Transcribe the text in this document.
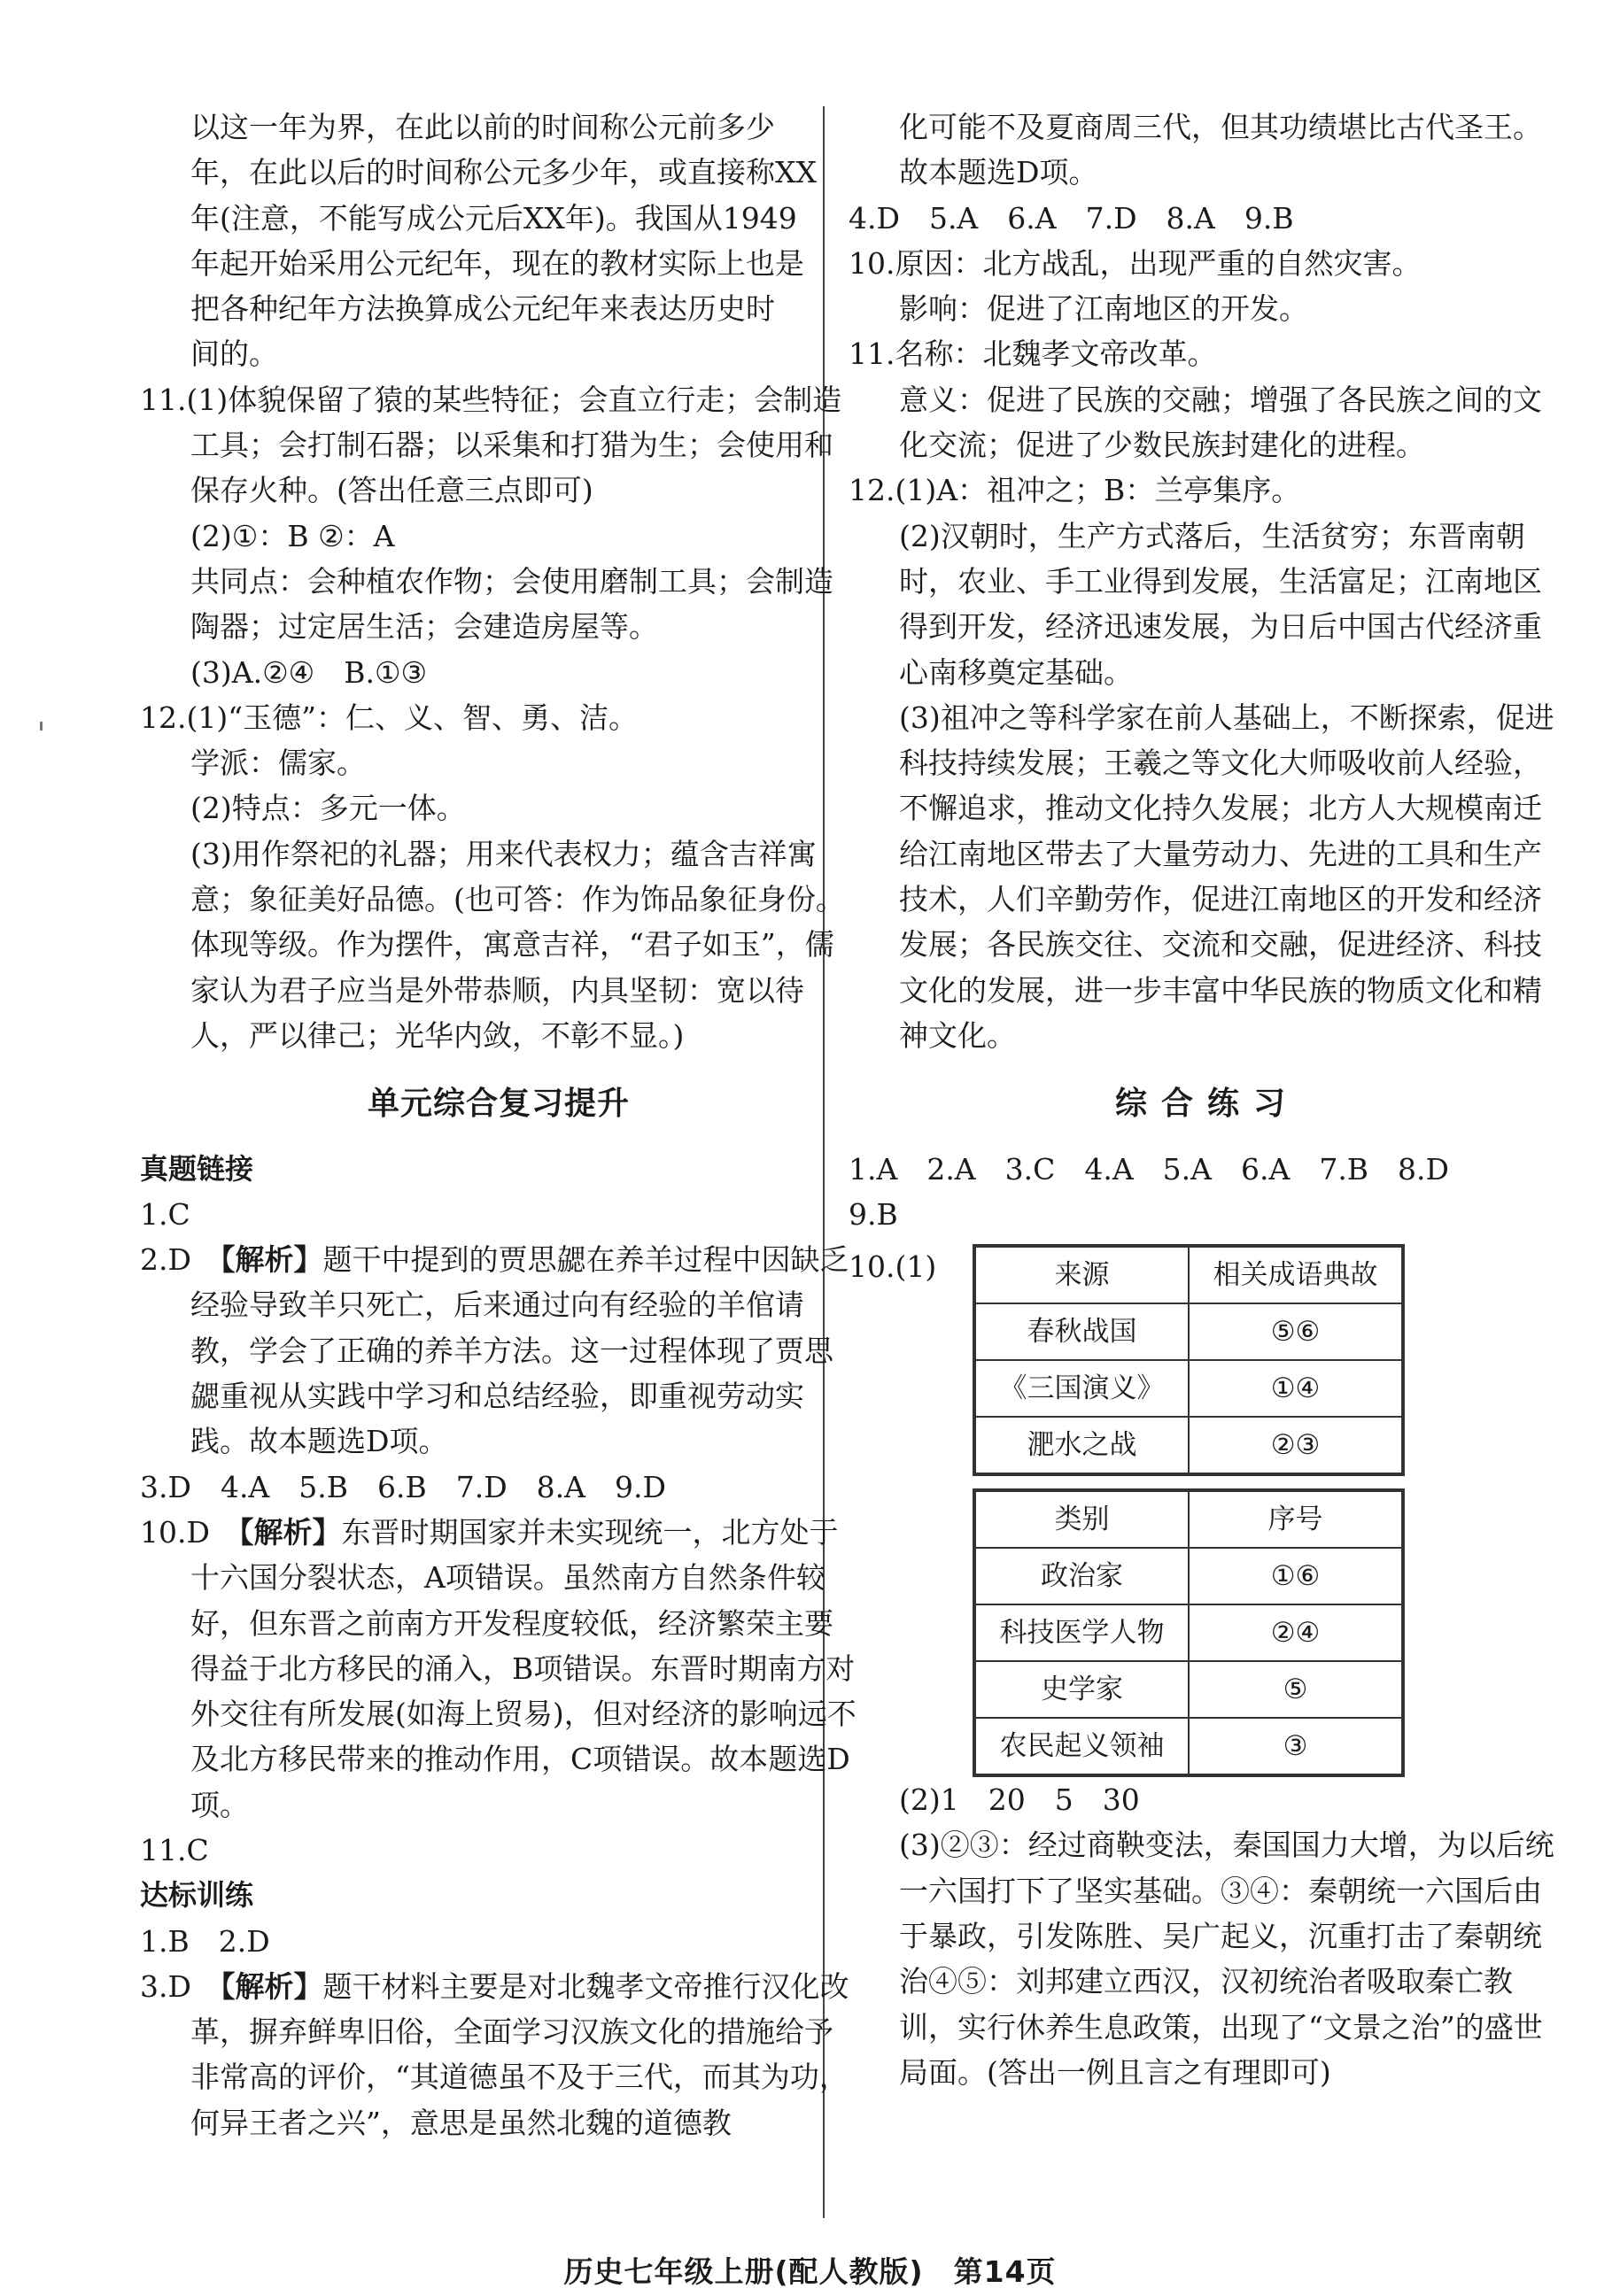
以这一年为界，在此以前的时间称公元前多少

年，在此以后的时间称公元多少年，或直接称XX

年(注意，不能写成公元后XX年)。我国从1949

年起开始采用公元纪年，现在的教材实际上也是

把各种纪年方法换算成公元纪年来表达历史时

间的。

11.(1)体貌保留了猿的某些特征；会直立行走；会制造工具；会打制石器；以采集和打猎为生；会使用和保存火种。(答出任意三点即可)

(2)①：B ②：A

共同点：会种植农作物；会使用磨制工具；会制造陶器；过定居生活；会建造房屋等。

(3)A.②④　B.①③

12.(1)“玉德”：仁、义、智、勇、洁。

学派：儒家。

(2)特点：多元一体。

(3)用作祭祀的礼器；用来代表权力；蕴含吉祥寓意；象征美好品德。(也可答：作为饰品象征身份。体现等级。作为摆件，寓意吉祥，“君子如玉”，儒家认为君子应当是外带恭顺，内具坚韧：宽以待人，严以律己；光华内敛，不彰不显。)

单元综合复习提升

真题链接

1.C

2.D　【解析】题干中提到的贾思勰在养羊过程中因缺乏经验导致羊只死亡，后来通过向有经验的羊倌请教，学会了正确的养羊方法。这一过程体现了贾思勰重视从实践中学习和总结经验，即重视劳动实践。故本题选D项。

3.D　4.A　5.B　6.B　7.D　8.A　9.D

10.D　【解析】东晋时期国家并未实现统一，北方处于十六国分裂状态，A项错误。虽然南方自然条件较好，但东晋之前南方开发程度较低，经济繁荣主要得益于北方移民的涌入，B项错误。东晋时期南方对外交往有所发展(如海上贸易)，但对经济的影响远不及北方移民带来的推动作用，C项错误。故本题选D项。

11.C

达标训练

1.B　2.D

3.D　【解析】题干材料主要是对北魏孝文帝推行汉化改革，摒弃鲜卑旧俗，全面学习汉族文化的措施给予非常高的评价，“其道德虽不及于三代，而其为功，何异王者之兴”，意思是虽然北魏的道德教

化可能不及夏商周三代，但其功绩堪比古代圣王。故本题选D项。

4.D　5.A　6.A　7.D　8.A　9.B

10.原因：北方战乱，出现严重的自然灾害。

影响：促进了江南地区的开发。

11.名称：北魏孝文帝改革。

意义：促进了民族的交融；增强了各民族之间的文化交流；促进了少数民族封建化的进程。

12.(1)A：祖冲之；B：兰亭集序。

(2)汉朝时，生产方式落后，生活贫穷；东晋南朝时，农业、手工业得到发展，生活富足；江南地区得到开发，经济迅速发展，为日后中国古代经济重心南移奠定基础。

(3)祖冲之等科学家在前人基础上，不断探索，促进科技持续发展；王羲之等文化大师吸收前人经验，不懈追求，推动文化持久发展；北方人大规模南迁给江南地区带去了大量劳动力、先进的工具和生产技术，人们辛勤劳作，促进江南地区的开发和经济发展；各民族交往、交流和交融，促进经济、科技文化的发展，进一步丰富中华民族的物质文化和精神文化。

综合练习

1.A　2.A　3.C　4.A　5.A　6.A　7.B　8.D

9.B

10.(1)	来源	相关成语典故
春秋战国	⑤⑥
《三国演义》	①④
淝水之战	②③
类别	序号
政治家	①⑥
科技医学人物	②④
史学家	⑤
农民起义领袖	③

(2)1　20　5　30

(3)②③：经过商鞅变法，秦国国力大增，为以后统一六国打下了坚实基础。③④：秦朝统一六国后由于暴政，引发陈胜、吴广起义，沉重打击了秦朝统治④⑤：刘邦建立西汉，汉初统治者吸取秦亡教训，实行休养生息政策，出现了“文景之治”的盛世局面。(答出一例且言之有理即可)

历史七年级上册(配人教版)　第14页
